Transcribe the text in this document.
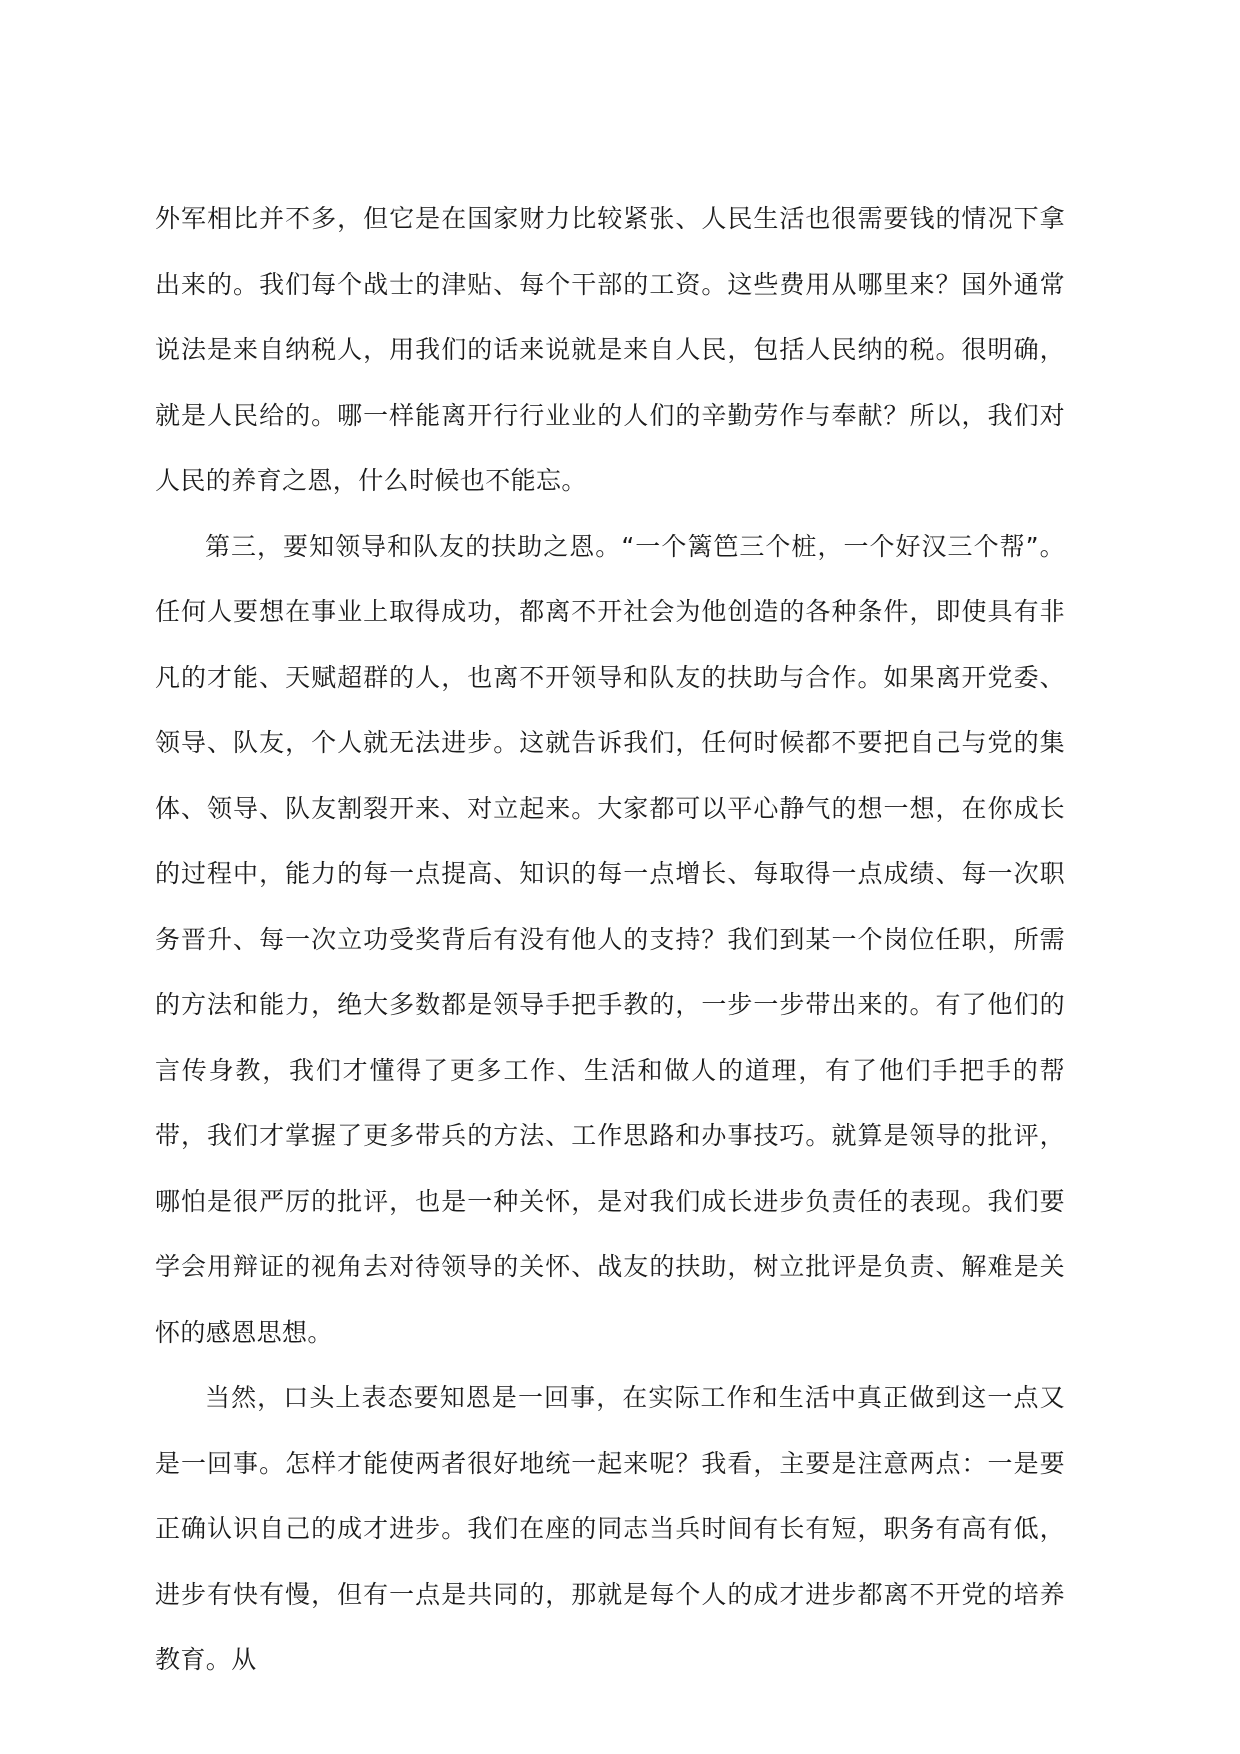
外军相比并不多，但它是在国家财力比较紧张、人民生活也很需要钱的情况下拿出来的。我们每个战士的津贴、每个干部的工资。这些费用从哪里来？国外通常说法是来自纳税人，用我们的话来说就是来自人民，包括人民纳的税。很明确，就是人民给的。哪一样能离开行行业业的人们的辛勤劳作与奉献？所以，我们对人民的养育之恩，什么时候也不能忘。

第三，要知领导和队友的扶助之恩。“一个篱笆三个桩，一个好汉三个帮”。任何人要想在事业上取得成功，都离不开社会为他创造的各种条件，即使具有非凡的才能、天赋超群的人，也离不开领导和队友的扶助与合作。如果离开党委、领导、队友，个人就无法进步。这就告诉我们，任何时候都不要把自己与党的集体、领导、队友割裂开来、对立起来。大家都可以平心静气的想一想，在你成长的过程中，能力的每一点提高、知识的每一点增长、每取得一点成绩、每一次职务晋升、每一次立功受奖背后有没有他人的支持？我们到某一个岗位任职，所需的方法和能力，绝大多数都是领导手把手教的，一步一步带出来的。有了他们的言传身教，我们才懂得了更多工作、生活和做人的道理，有了他们手把手的帮带，我们才掌握了更多带兵的方法、工作思路和办事技巧。就算是领导的批评，哪怕是很严厉的批评，也是一种关怀，是对我们成长进步负责任的表现。我们要学会用辩证的视角去对待领导的关怀、战友的扶助，树立批评是负责、解难是关怀的感恩思想。

当然，口头上表态要知恩是一回事，在实际工作和生活中真正做到这一点又是一回事。怎样才能使两者很好地统一起来呢？我看，主要是注意两点：一是要正确认识自己的成才进步。我们在座的同志当兵时间有长有短，职务有高有低，进步有快有慢，但有一点是共同的，那就是每个人的成才进步都离不开党的培养教育。从
